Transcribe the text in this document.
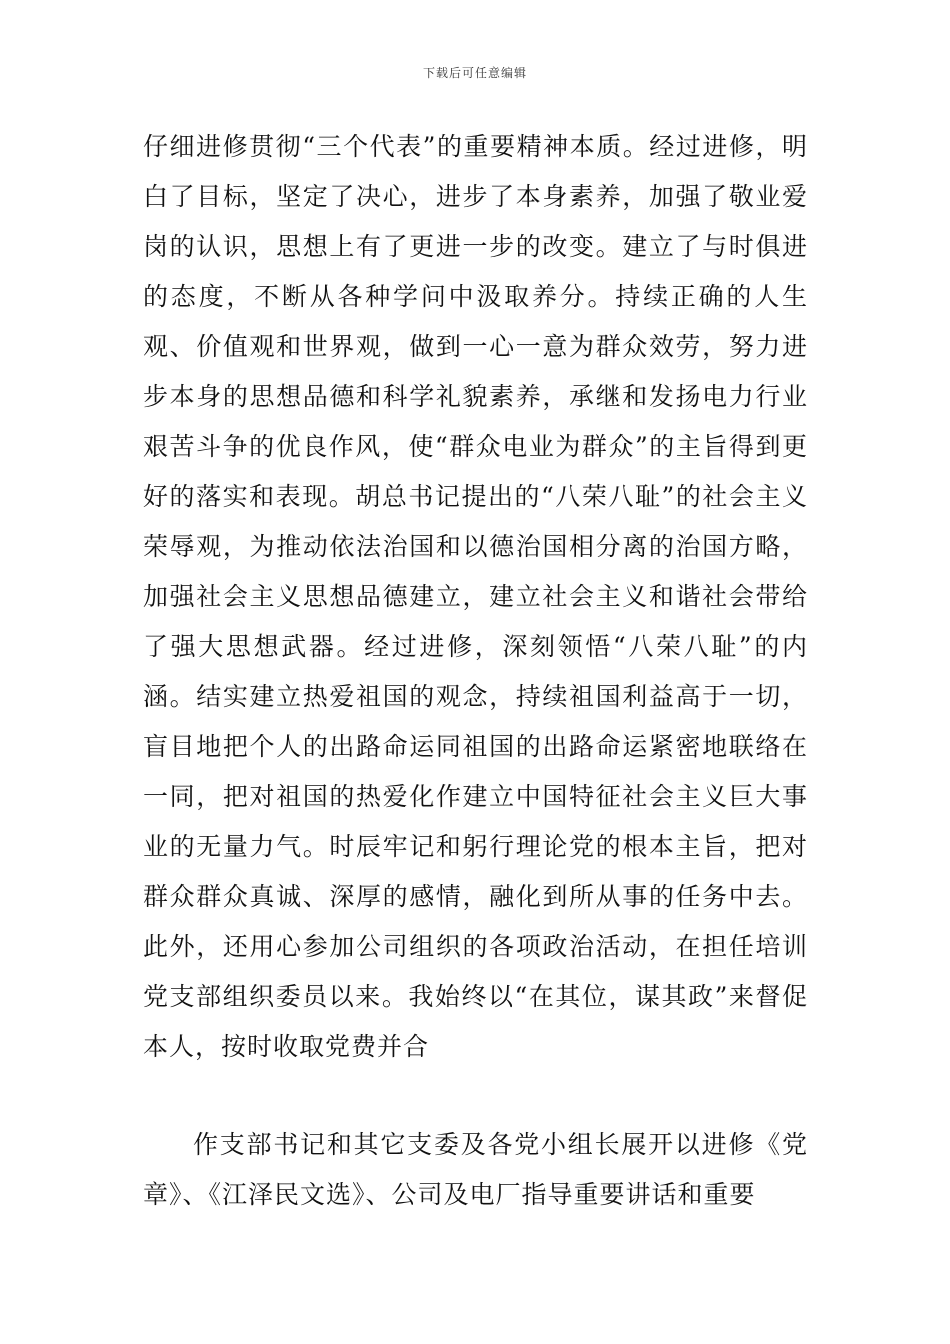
下载后可任意编辑

仔细进修贯彻“三个代表”的重要精神本质。经过进修，明白了目标，坚定了决心，进步了本身素养，加强了敬业爱岗的认识，思想上有了更进一步的改变。建立了与时俱进的态度，不断从各种学问中汲取养分。持续正确的人生观、价值观和世界观，做到一心一意为群众效劳，努力进步本身的思想品德和科学礼貌素养，承继和发扬电力行业艰苦斗争的优良作风，使“群众电业为群众”的主旨得到更好的落实和表现。胡总书记提出的“八荣八耻”的社会主义荣辱观，为推动依法治国和以德治国相分离的治国方略，加强社会主义思想品德建立，建立社会主义和谐社会带给了强大思想武器。经过进修，深刻领悟“八荣八耻”的内涵。结实建立热爱祖国的观念，持续祖国利益高于一切，盲目地把个人的出路命运同祖国的出路命运紧密地联络在一同，把对祖国的热爱化作建立中国特征社会主义巨大事业的无量力气。时辰牢记和躬行理论党的根本主旨，把对群众群众真诚、深厚的感情，融化到所从事的任务中去。此外，还用心参加公司组织的各项政治活动，在担任培训党支部组织委员以来。我始终以“在其位，谋其政”来督促本人，按时收取党费并合

作支部书记和其它支委及各党小组长展开以进修《党章》、《江泽民文选》、公司及电厂指导重要讲话和重要
